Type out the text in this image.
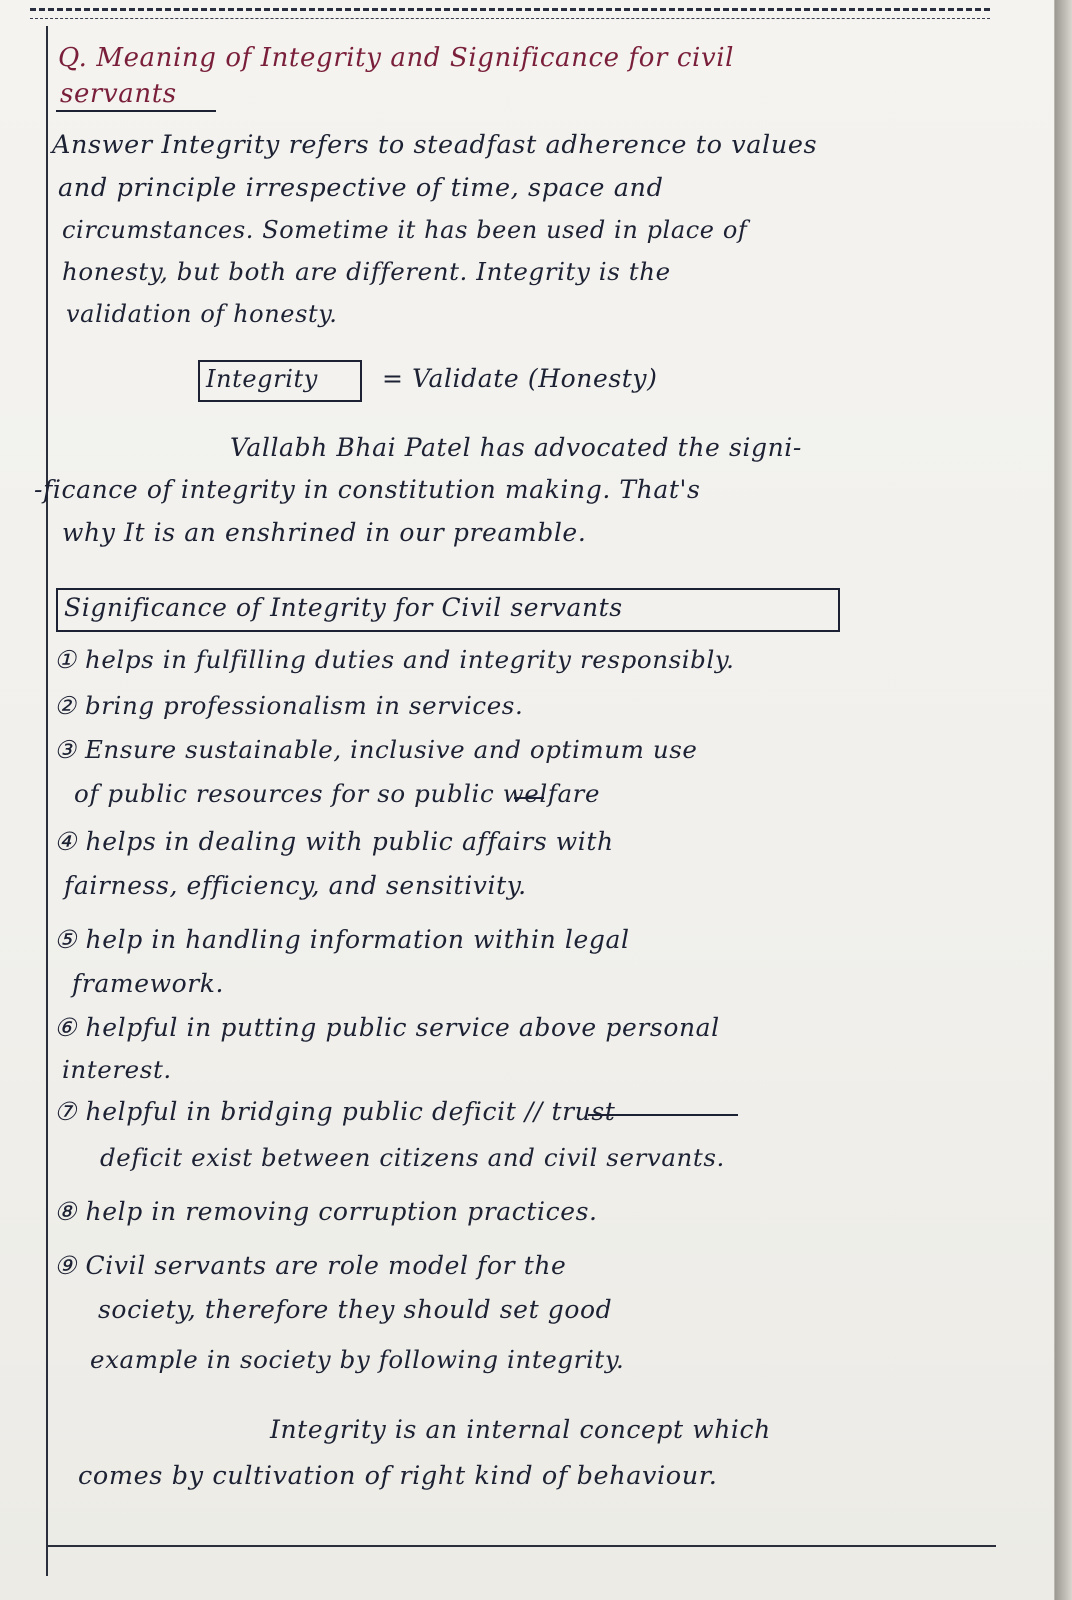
Q. Meaning of Integrity and Significance for civil
servants
Answer Integrity refers to steadfast adherence to values
and principle irrespective of time, space and
circumstances. Sometime it has been used in place of
honesty, but both are different. Integrity is the
validation of honesty.
Integrity	= Validate (Honesty)
Vallabh Bhai Patel has advocated the signi-
-ficance of integrity in constitution making. That's
why It is an enshrined in our preamble.
Significance of Integrity for Civil servants
① helps in fulfilling duties and integrity responsibly.
② bring professionalism in services.
③ Ensure sustainable, inclusive and optimum use
of public resources for so public welfare
④ helps in dealing with public affairs with
fairness, efficiency, and sensitivity.
⑤ help in handling information within legal
framework.
⑥ helpful in putting public service above personal
interest.
⑦ helpful in bridging public deficit // trust
deficit exist between citizens and civil servants.
⑧ help in removing corruption practices.
⑨ Civil servants are role model for the
society, therefore they should set good
example in society by following integrity.
Integrity is an internal concept which
comes by cultivation of right kind of behaviour.
